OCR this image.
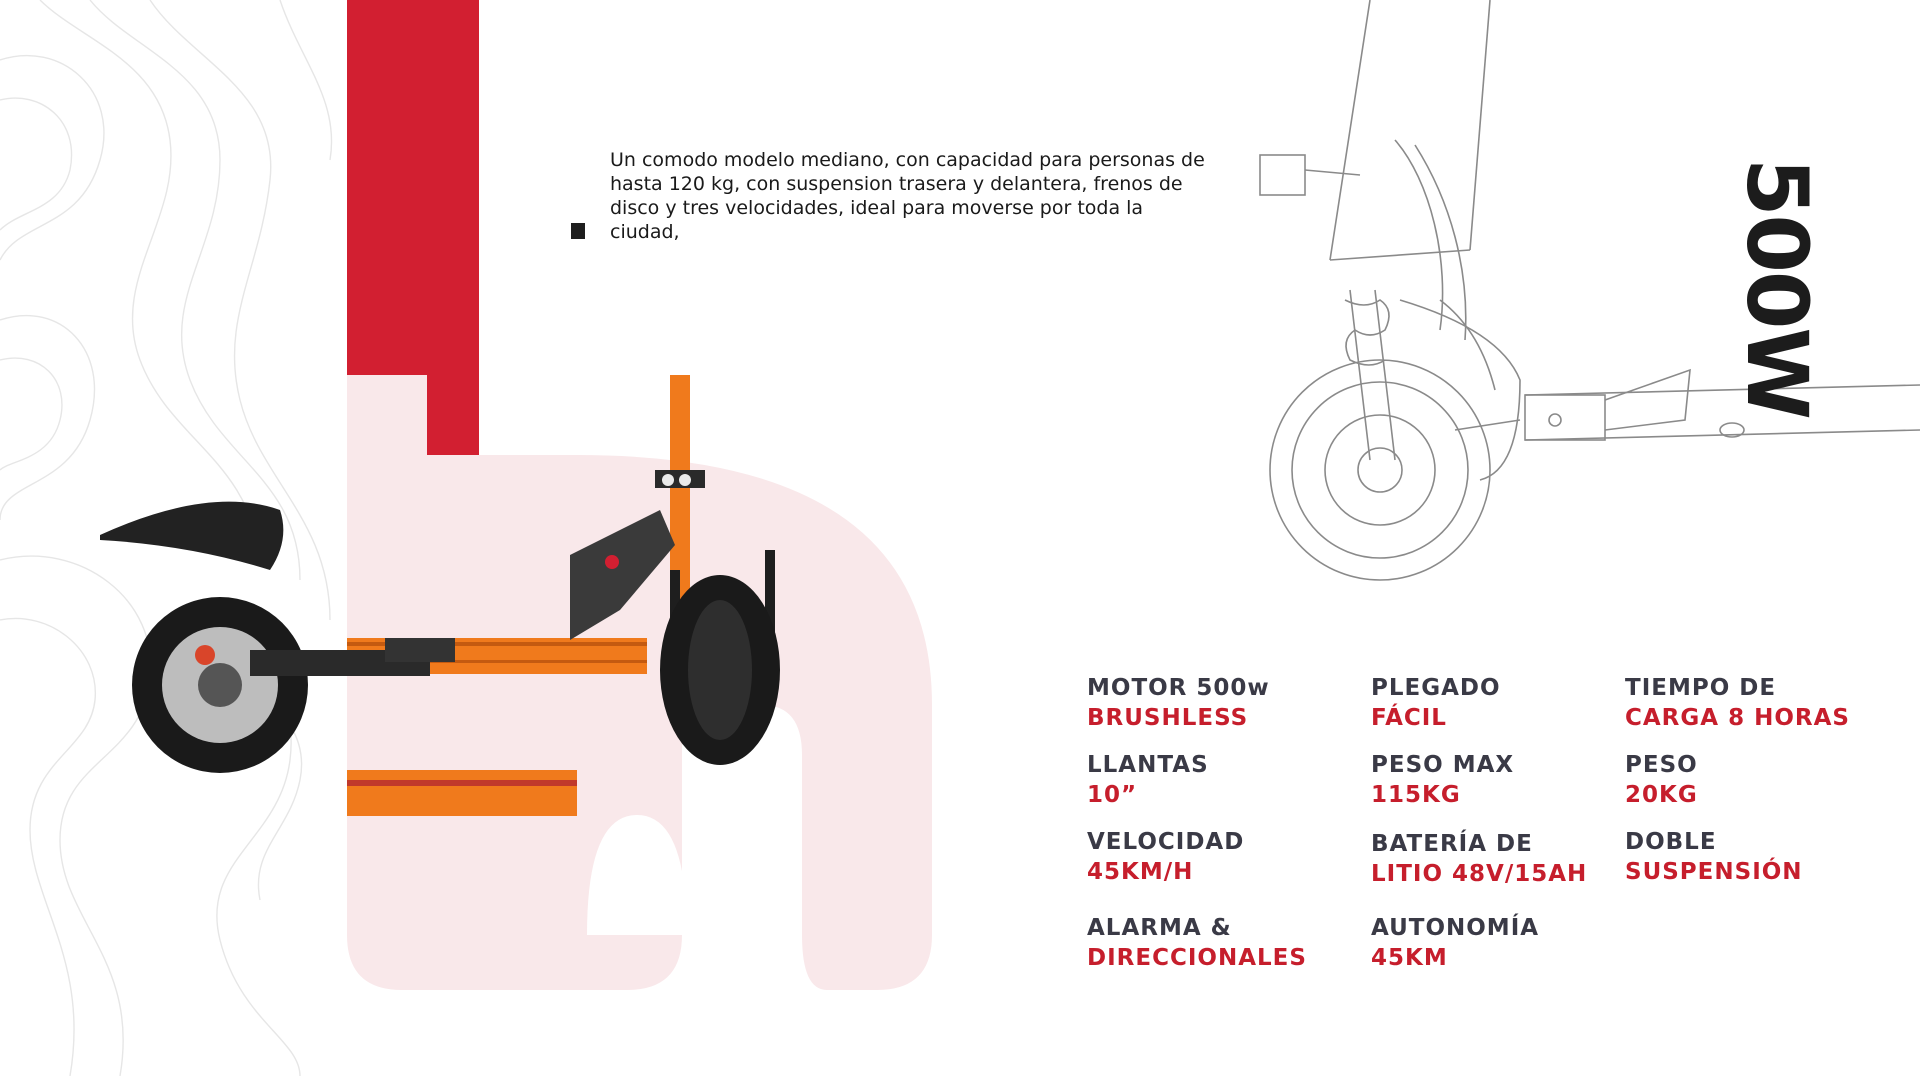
500W
Un comodo modelo mediano, con capacidad para personas de hasta 120 kg, con suspension trasera y delantera, frenos de disco y tres velocidades, ideal para moverse por toda la ciudad,
MOTOR 500w
BRUSHLESS
LLANTAS
10”
VELOCIDAD
45KM/H
ALARMA &
DIRECCIONALES
PLEGADO
FÁCIL
PESO MAX
115KG
BATERÍA DE
LITIO 48V/15AH
AUTONOMÍA
45KM
TIEMPO DE
CARGA 8 HORAS
PESO
20KG
DOBLE
SUSPENSIÓN
